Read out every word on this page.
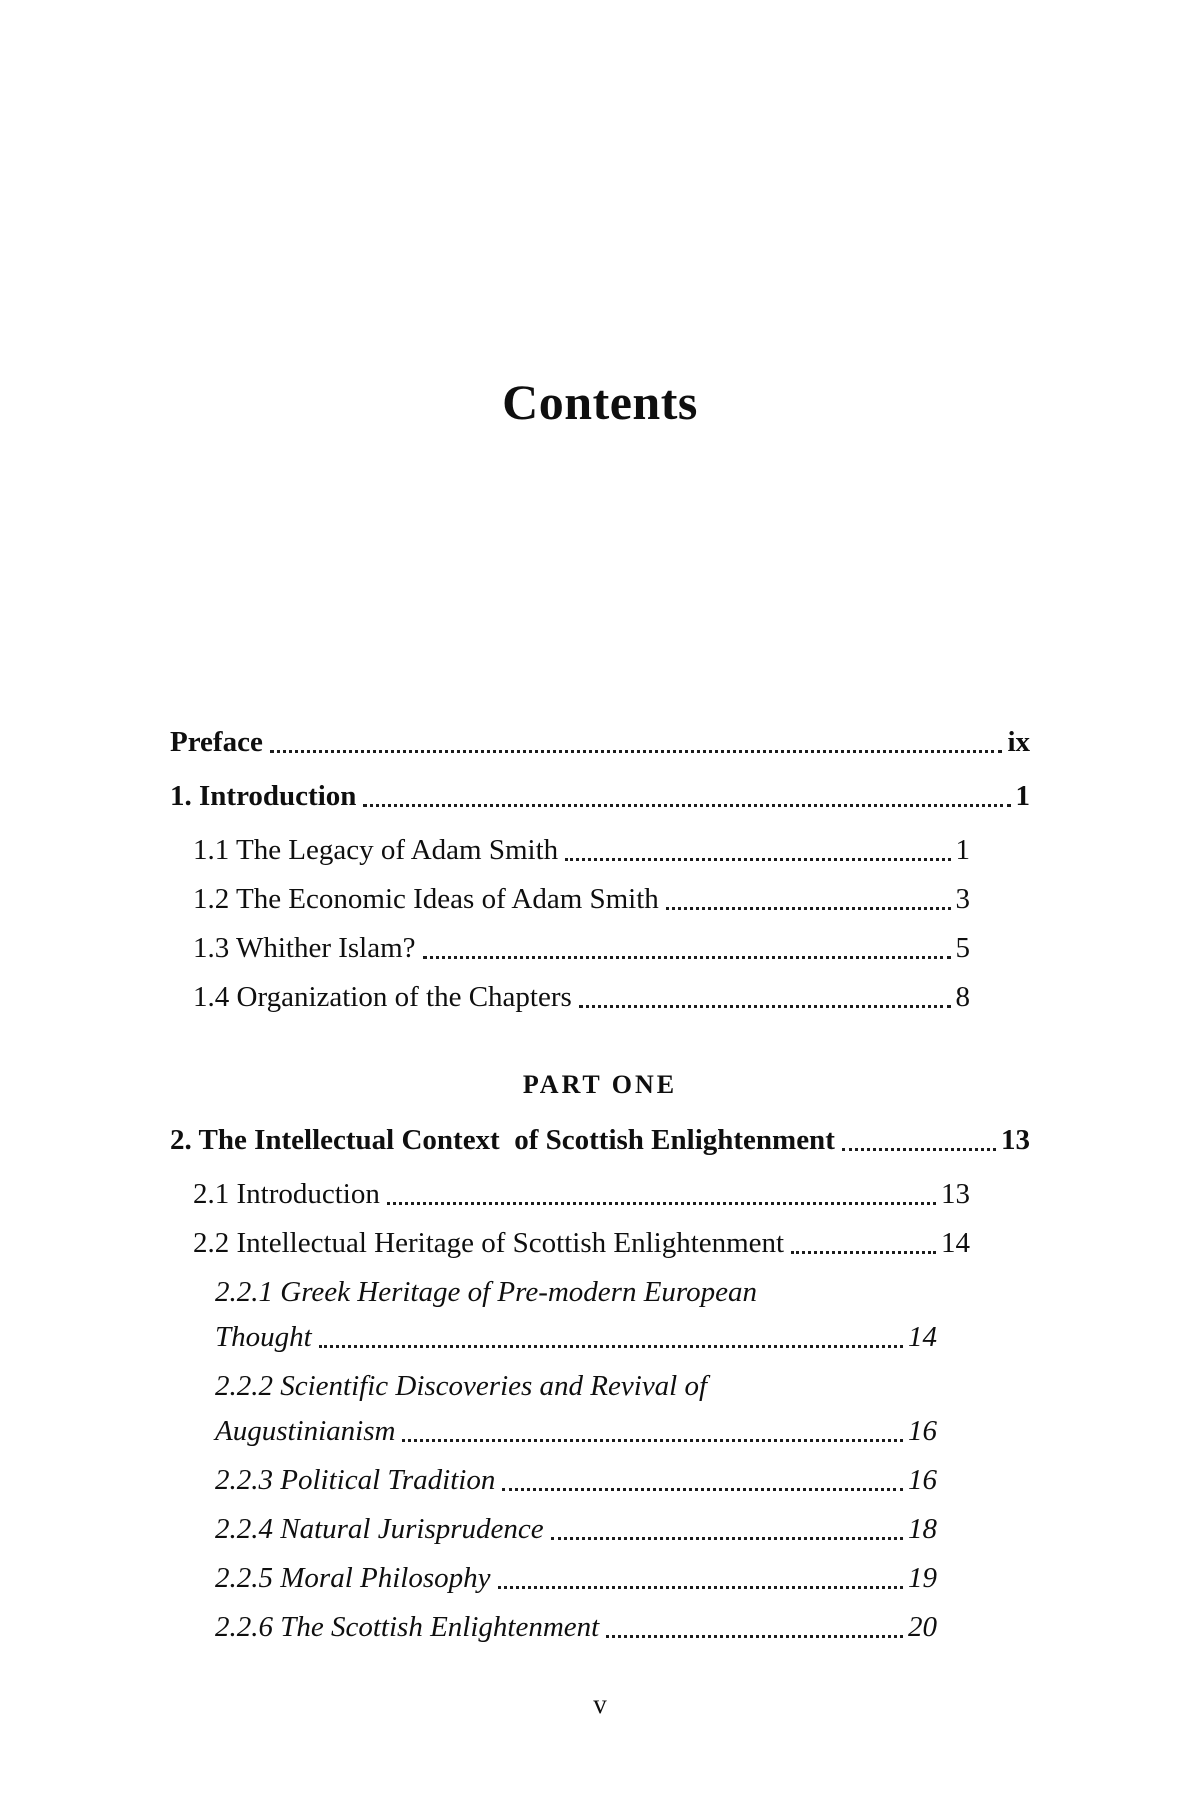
Contents
Preface	ix
1. Introduction	1
1.1 The Legacy of Adam Smith	1
1.2 The Economic Ideas of Adam Smith	3
1.3 Whither Islam?	5
1.4 Organization of the Chapters	8
PART ONE
2. The Intellectual Context  of Scottish Enlightenment	13
2.1 Introduction	13
2.2 Intellectual Heritage of Scottish Enlightenment	14
2.2.1 Greek Heritage of Pre-modern European
Thought	14
2.2.2 Scientific Discoveries and Revival of
Augustinianism	16
2.2.3 Political Tradition	16
2.2.4 Natural Jurisprudence	18
2.2.5 Moral Philosophy	19
2.2.6 The Scottish Enlightenment	20
v
